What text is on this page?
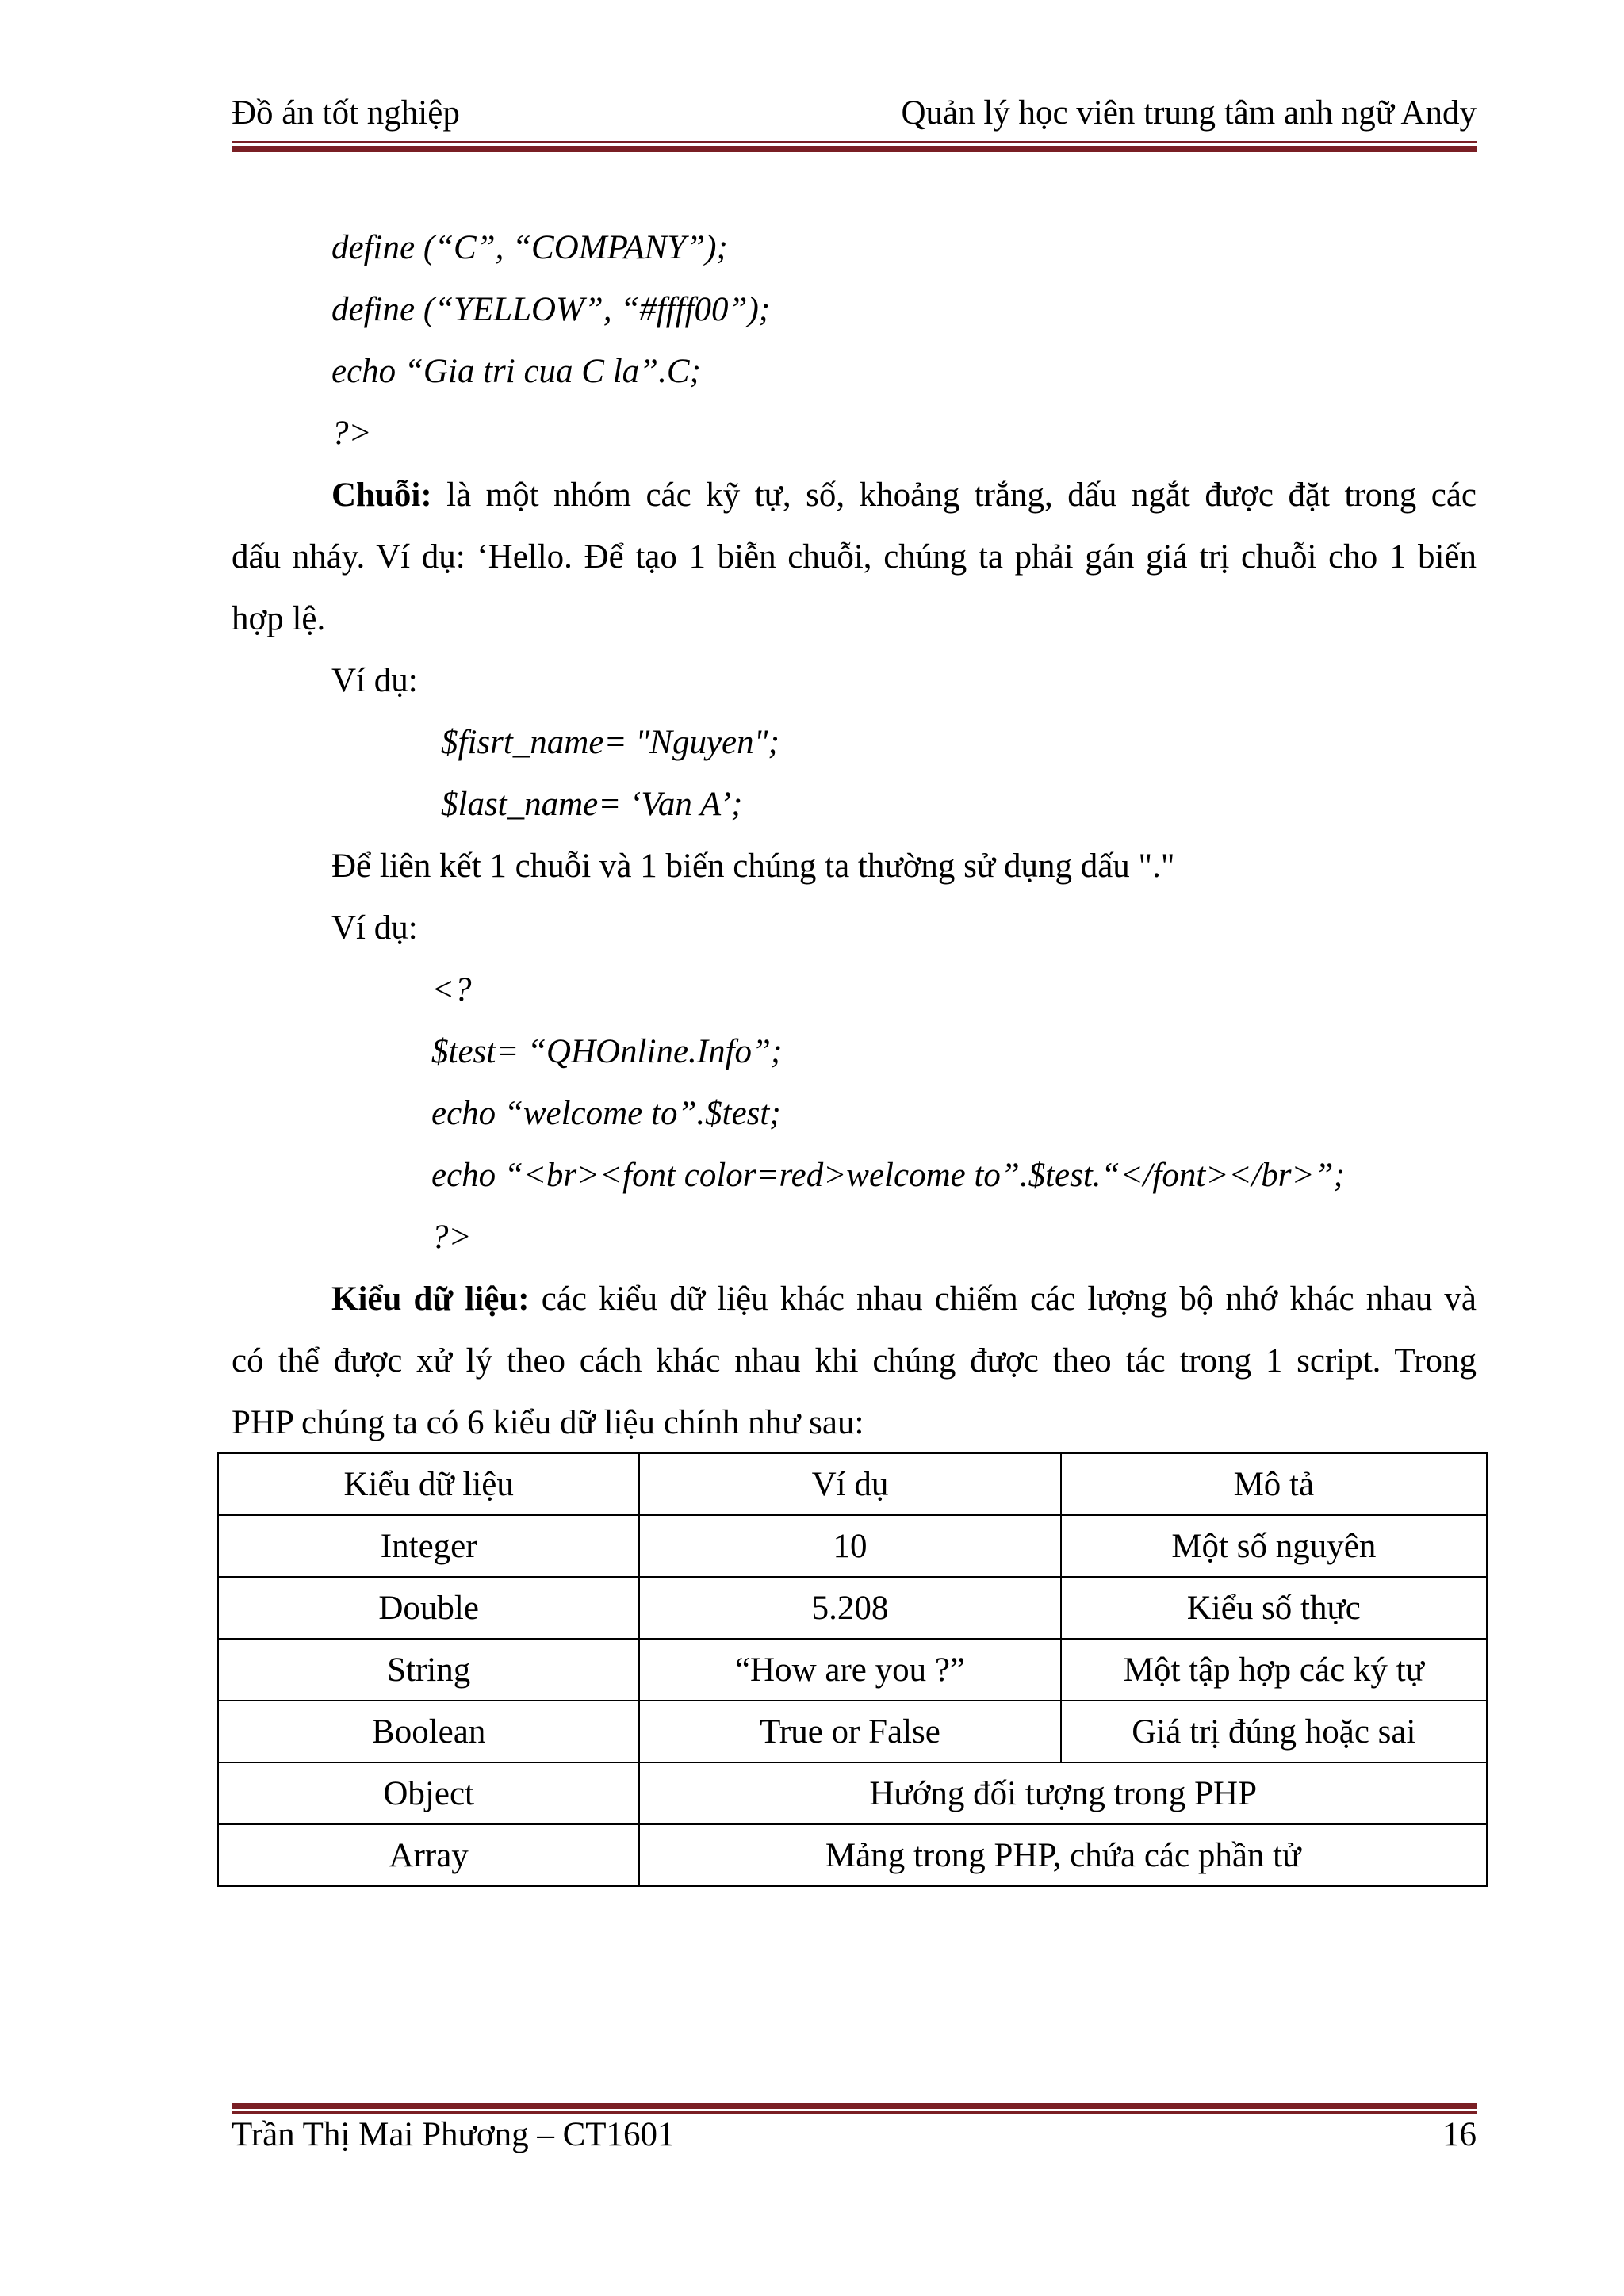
Đồ án tốt nghiệp	Quản lý học viên trung tâm anh ngữ Andy
define (“C”, “COMPANY”);
define (“YELLOW”, “#ffff00”);
echo “Gia tri cua C la”.C;
?>
Chuỗi: là một nhóm các kỹ tự, số, khoảng trắng, dấu ngắt được đặt trong các
dấu nháy. Ví dụ: ‘Hello. Để tạo 1 biễn chuỗi, chúng ta phải gán giá trị chuỗi cho 1 biến
hợp lệ.
Ví dụ:
$fisrt_name= "Nguyen";
$last_name= ‘Van A’;
Để liên kết 1 chuỗi và 1 biến chúng ta thường sử dụng dấu "."
Ví dụ:
<?
$test= “QHOnline.Info”;
echo “welcome to”.$test;
echo “<br><font color=red>welcome to”.$test.“</font></br>”;
?>
Kiểu dữ liệu: các kiểu dữ liệu khác nhau chiếm các lượng bộ nhớ khác nhau và
có thể được xử lý theo cách khác nhau khi chúng được theo tác trong 1 script. Trong
PHP chúng ta có 6 kiểu dữ liệu chính như sau:
Kiểu dữ liệu	Ví dụ	Mô tả
Integer	10	Một số nguyên
Double	5.208	Kiểu số thực
String	“How are you ?”	Một tập hợp các ký tự
Boolean	True or False	Giá trị đúng hoặc sai
Object	Hướng đối tượng trong PHP	
Array	Mảng trong PHP, chứa các phần tử	
Trần Thị Mai Phương – CT1601	16
